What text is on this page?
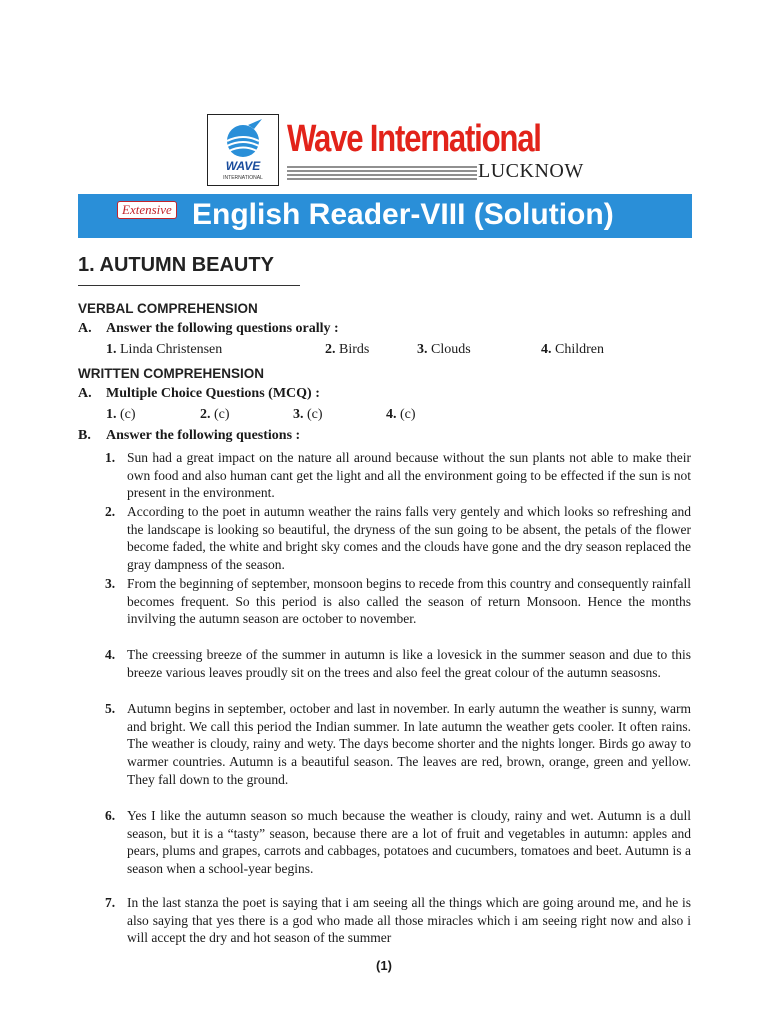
WAVE
INTERNATIONAL
Wave International
LUCKNOW
Extensive English Reader-VIII (Solution)
1. AUTUMN BEAUTY
VERBAL COMPREHENSION
A. Answer the following questions orally :
1. Linda Christensen	2. Birds	3. Clouds	4. Children
WRITTEN COMPREHENSION
A. Multiple Choice Questions (MCQ) :
1. (c)	2. (c)	3. (c)	4. (c)
B. Answer the following questions :
1. Sun had a great impact on the nature all around because without the sun plants not able to make their own food and also human cant get the light and all the environment going to be effected if the sun is not present in the environment.
2. According to the poet in autumn weather the rains falls very gentely and which looks so refreshing and the landscape is looking so beautiful, the dryness of the sun going to be absent, the petals of the flower become faded, the white and bright sky comes and the clouds have gone and the dry season replaced the gray dampness of the season.
3. From the beginning of september, monsoon begins to recede from this country and consequently rainfall becomes frequent. So this period is also called the season of return Monsoon. Hence the months invilving the autumn season are october to november.
4. The creessing breeze of the summer in autumn is like a lovesick in the summer season and due to this breeze various leaves proudly sit on the trees and also feel the great colour of the autumn seasosns.
5. Autumn begins in september, october and last in november. In early autumn the weather is sunny, warm and bright. We call this period the Indian summer. In late autumn the weather gets cooler. It often rains. The weather is cloudy, rainy and wety. The days become shorter and the nights longer. Birds go away to warmer countries. Autumn is a beautiful season. The leaves are red, brown, orange, green and yellow. They fall down to the ground.
6. Yes I like the autumn season so much because the weather is cloudy, rainy and wet. Autumn is a dull season, but it is a “tasty” season, because there are a lot of fruit and vegetables in autumn: apples and pears, plums and grapes, carrots and cabbages, potatoes and cucumbers, tomatoes and beet. Autumn is a season when a school-year begins.
7. In the last stanza the poet is saying that i am seeing all the things which are going around me, and he is also saying that yes there is a god who made all those miracles which i am seeing right now and also i will accept the dry and hot season of the summer
(1)
